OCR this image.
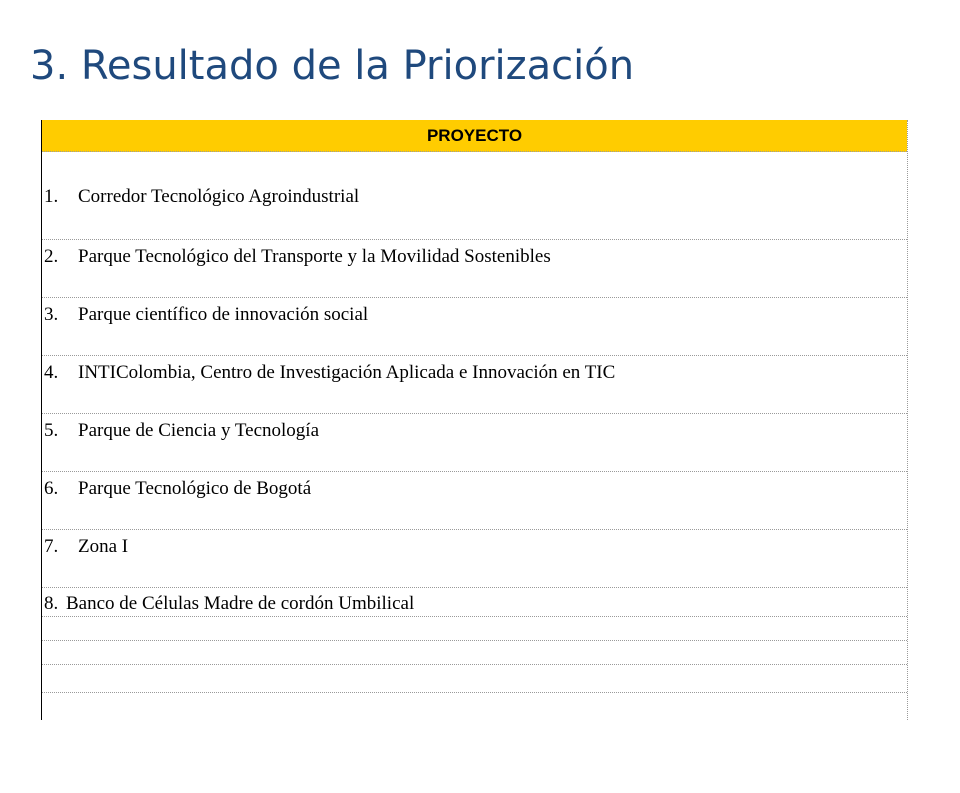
3. Resultado de la Priorización
PROYECTO
1. Corredor Tecnológico Agroindustrial
2. Parque Tecnológico del Transporte y la Movilidad Sostenibles
3. Parque científico de innovación social
4. INTIColombia, Centro de Investigación Aplicada e Innovación en TIC
5. Parque de Ciencia y Tecnología
6. Parque Tecnológico de Bogotá
7. Zona I
8. Banco de Células Madre de cordón Umbilical
